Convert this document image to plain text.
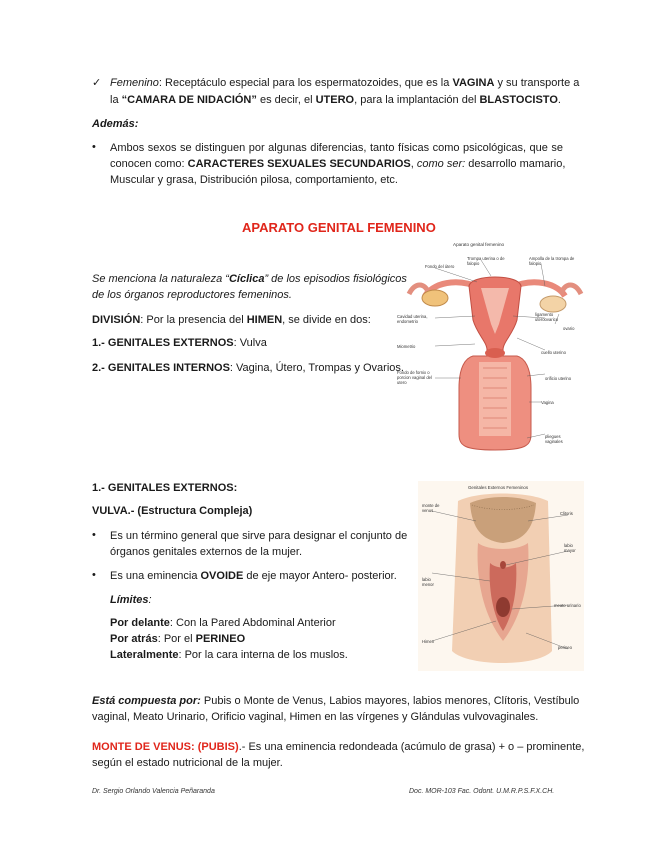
✓ Femenino: Receptáculo especial para los espermatozoides, que es la VAGINA y su transporte a
la “CAMARA DE NIDACIÓN” es decir, el UTERO, para la implantación del BLASTOCISTO.
Además:
• Ambos sexos se distinguen por algunas diferencias, tanto físicas como psicológicas, que se
conocen como: CARACTERES SEXUALES SECUNDARIOS, como ser: desarrollo mamario,
Muscular y grasa, Distribución pilosa, comportamiento, etc.
APARATO GENITAL FEMENINO
Se menciona la naturaleza “Cíclica” de los episodios fisiológicos
de los órganos reproductores femeninos.
DIVISIÓN: Por la presencia del HIMEN, se divide en dos:
1.- GENITALES EXTERNOS: Vulva
2.- GENITALES INTERNOS: Vagina, Útero, Trompas y Ovarios.
Aparato genital femenino
Fondo del útero
Trompa uterina o de falopio
Ampolla de la trompa de falopio
Cavidad uterina, endometrio
ligamento uteroovarico
ovario
Miometrio
cuello uterino
Fondo de fornix o porcion vaginal del utero
orificio uterino
Vagina
pliegues vaginales
1.- GENITALES EXTERNOS:
VULVA.- (Estructura Compleja)
• Es un término general que sirve para designar el conjunto de
órganos genitales externos de la mujer.
• Es una eminencia OVOIDE de eje mayor Antero- posterior.
Límites:
Por delante: Con la Pared Abdominal Anterior
Por atrás: Por el PERINEO
Lateralmente: Por la cara interna de los muslos.
Genitales Externos Femeninos
monte de venus
Clitoris
labio mayor
labio menor
meato urinario
Himen
perineo
Está compuesta por: Pubis o Monte de Venus, Labios mayores, labios menores, Clítoris, Vestíbulo
vaginal, Meato Urinario, Orificio vaginal, Himen en las vírgenes y Glándulas vulvovaginales.
MONTE DE VENUS: (PUBIS).- Es una eminencia redondeada (acúmulo de grasa) + o – prominente,
según el estado nutricional de la mujer.
Dr. Sergio Orlando Valencia Peñaranda	Doc. MOR-103 Fac. Odont. U.M.R.P.S.F.X.CH.
